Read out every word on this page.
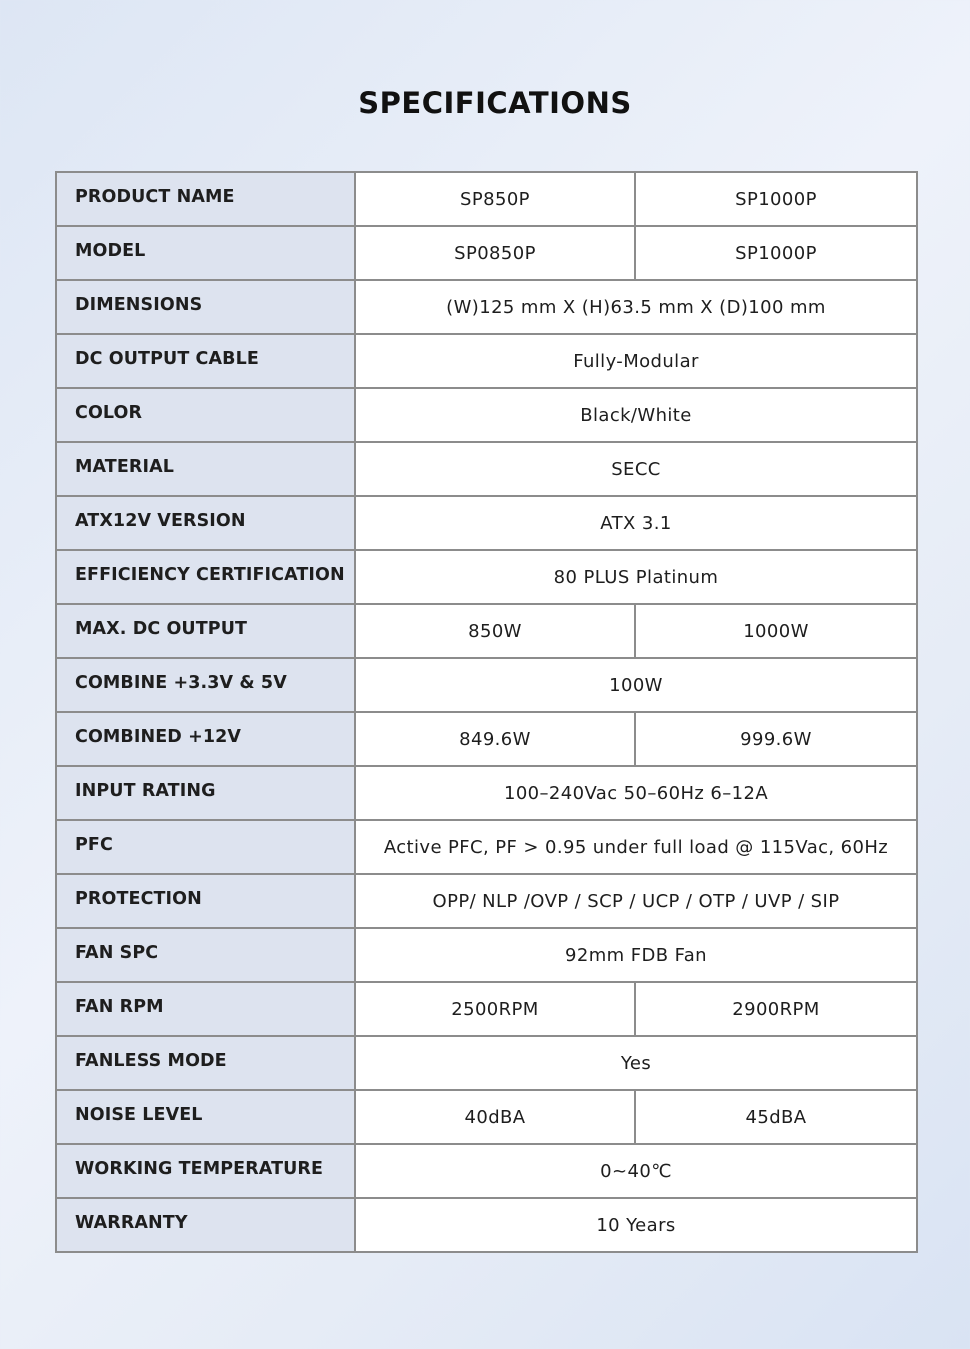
SPECIFICATIONS
PRODUCT NAME	SP850P	SP1000P
MODEL	SP0850P	SP1000P
DIMENSIONS	(W)125 mm X (H)63.5 mm X (D)100 mm	
DC OUTPUT CABLE	Fully-Modular	
COLOR	Black/White	
MATERIAL	SECC	
ATX12V VERSION	ATX 3.1	
EFFICIENCY CERTIFICATION	80 PLUS Platinum	
MAX. DC OUTPUT	850W	1000W
COMBINE +3.3V & 5V	100W	
COMBINED +12V	849.6W	999.6W
INPUT RATING	100–240Vac 50–60Hz 6–12A	
PFC	Active PFC, PF > 0.95 under full load @ 115Vac, 60Hz	
PROTECTION	OPP/ NLP /OVP / SCP / UCP / OTP / UVP / SIP	
FAN SPC	92mm FDB Fan	
FAN RPM	2500RPM	2900RPM
FANLESS MODE	Yes	
NOISE LEVEL	40dBA	45dBA
WORKING TEMPERATURE	0~40℃	
WARRANTY	10 Years	
